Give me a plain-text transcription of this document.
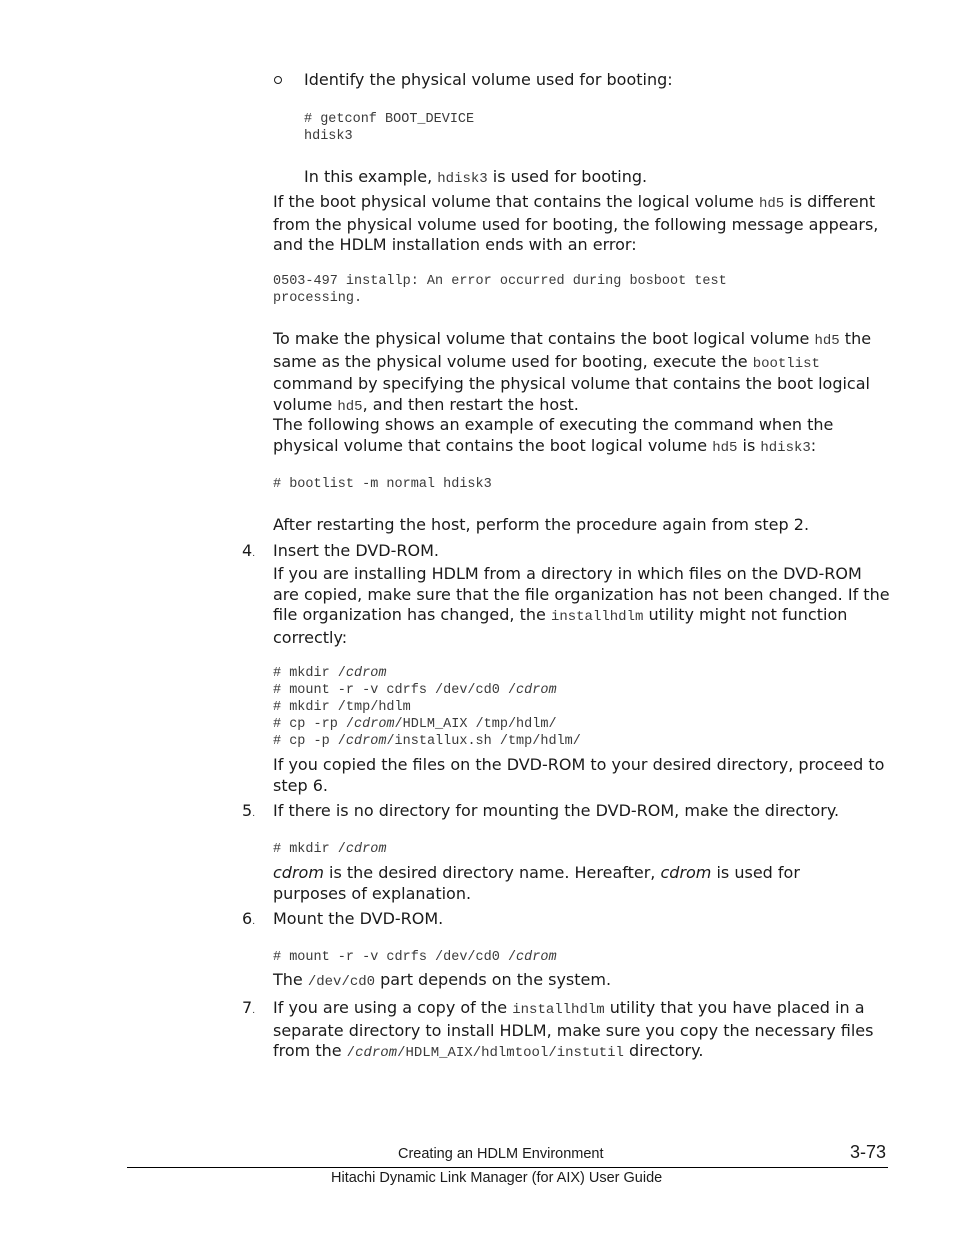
Identify the physical volume used for booting:
# getconf BOOT_DEVICE
hdisk3
In this example, hdisk3 is used for booting.
If the boot physical volume that contains the logical volume hd5 is different from the physical volume used for booting, the following message appears, and the HDLM installation ends with an error:
0503-497 installp: An error occurred during bosboot test
processing.
To make the physical volume that contains the boot logical volume hd5 the same as the physical volume used for booting, execute the bootlist command by specifying the physical volume that contains the boot logical volume hd5, and then restart the host.
The following shows an example of executing the command when the physical volume that contains the boot logical volume hd5 is hdisk3:
# bootlist -m normal hdisk3
After restarting the host, perform the procedure again from step 2.
4. Insert the DVD-ROM.
If you are installing HDLM from a directory in which files on the DVD-ROM are copied, make sure that the file organization has not been changed. If the file organization has changed, the installhdlm utility might not function correctly:
# mkdir /cdrom
# mount -r -v cdrfs /dev/cd0 /cdrom
# mkdir /tmp/hdlm
# cp -rp /cdrom/HDLM_AIX /tmp/hdlm/
# cp -p /cdrom/installux.sh /tmp/hdlm/
If you copied the files on the DVD-ROM to your desired directory, proceed to step 6.
5. If there is no directory for mounting the DVD-ROM, make the directory.
# mkdir /cdrom
cdrom is the desired directory name. Hereafter, cdrom is used for purposes of explanation.
6. Mount the DVD-ROM.
# mount -r -v cdrfs /dev/cd0 /cdrom
The /dev/cd0 part depends on the system.
7. If you are using a copy of the installhdlm utility that you have placed in a separate directory to install HDLM, make sure you copy the necessary files from the /cdrom/HDLM_AIX/hdlmtool/instutil directory.
Creating an HDLM Environment	3-73
Hitachi Dynamic Link Manager (for AIX) User Guide
